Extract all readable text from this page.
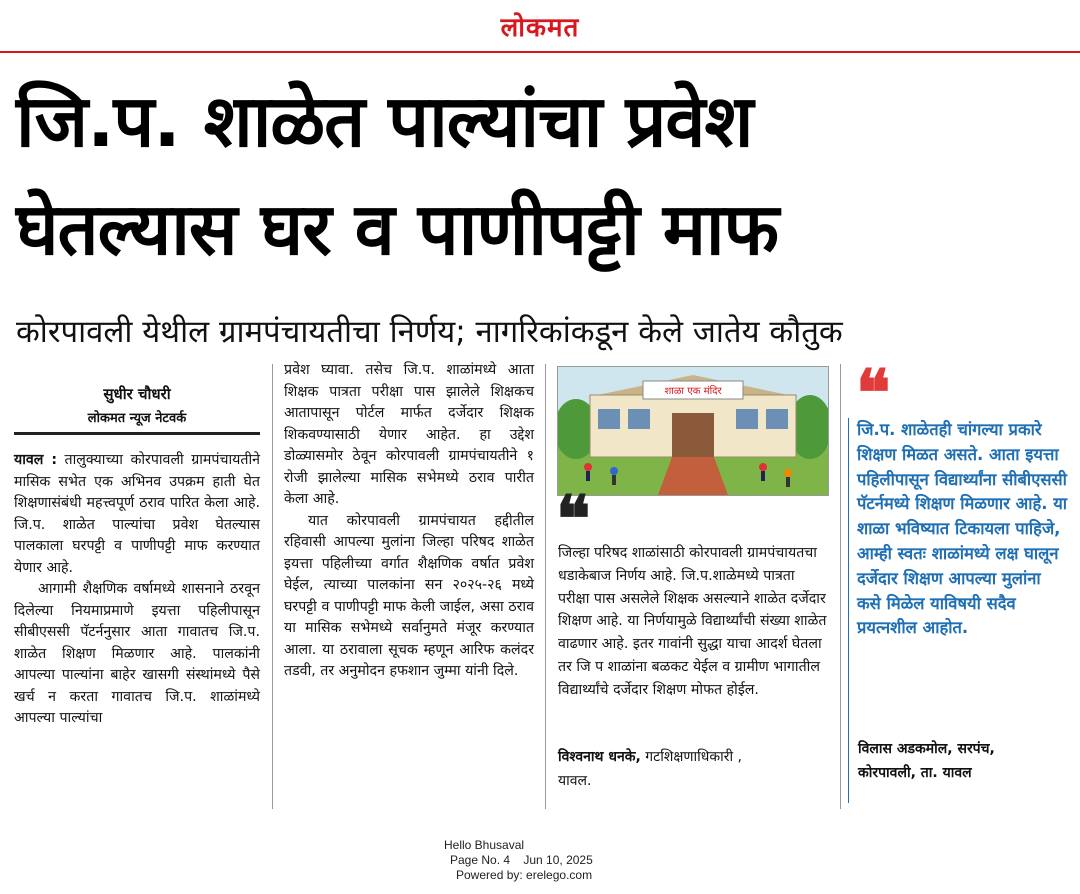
लोकमत
जि.प. शाळेत पाल्यांचा प्रवेश
घेतल्यास घर व पाणीपट्टी माफ
कोरपावली येथील ग्रामपंचायतीचा निर्णय; नागरिकांकडून केले जातेय कौतुक
सुधीर चौधरी
लोकमत न्यूज नेटवर्क

यावल : तालुक्याच्या कोरपावली ग्रामपंचायतीने मासिक सभेत एक अभिनव उपक्रम हाती घेत शिक्षणासंबंधी महत्त्वपूर्ण ठराव पारित केला आहे. जि.प. शाळेत पाल्यांचा प्रवेश घेतल्यास पालकाला घरपट्टी व पाणीपट्टी माफ करण्यात येणार आहे.

आगामी शैक्षणिक वर्षामध्ये शासनाने ठरवून दिलेल्या नियमाप्रमाणे इयत्ता पहिलीपासून सीबीएससी पॅटर्ननुसार आता गावातच जि.प. शाळेत शिक्षण मिळणार आहे. पालकांनी आपल्या पाल्यांना बाहेर खासगी संस्थांमध्ये पैसे खर्च न करता गावातच जि.प. शाळांमध्ये आपल्या पाल्यांचा

प्रवेश घ्यावा. तसेच जि.प. शाळांमध्ये आता शिक्षक पात्रता परीक्षा पास झालेले शिक्षकच आतापासून पोर्टल मार्फत दर्जेदार शिक्षक शिकवण्यासाठी येणार आहेत. हा उद्देश डोळ्यासमोर ठेवून कोरपावली ग्रामपंचायतीने १ रोजी झालेल्या मासिक सभेमध्ये ठराव पारीत केला आहे.

यात कोरपावली ग्रामपंचायत हद्दीतील रहिवासी आपल्या मुलांना जिल्हा परिषद शाळेत इयत्ता पहिलीच्या वर्गात शैक्षणिक वर्षात प्रवेश घेईल, त्याच्या पालकांना सन २०२५-२६ मध्ये घरपट्टी व पाणीपट्टी माफ केली जाईल, असा ठराव या मासिक सभेमध्ये सर्वानुमते मंजूर करण्यात आला. या ठरावाला सूचक म्हणून आरिफ कलंदर तडवी, तर अनुमोदन हफशान जुम्मा यांनी दिले.

शाळा एक मंदिर
❝

जिल्हा परिषद शाळांसाठी कोरपावली ग्रामपंचायतचा धडाकेबाज निर्णय आहे. जि.प.शाळेमध्ये पात्रता परीक्षा पास असलेले शिक्षक असल्याने शाळेत दर्जेदार शिक्षण आहे. या निर्णयामुळे विद्यार्थ्यांची संख्या शाळेत वाढणार आहे. इतर गावांनी सुद्धा याचा आदर्श घेतला तर जि प शाळांना बळकट येईल व ग्रामीण भागातील विद्यार्थ्यांचे दर्जेदार शिक्षण मोफत होईल.

विश्वनाथ धनके, गटशिक्षणाधिकारी ,
यावल.
❝

जि.प. शाळेतही चांगल्या प्रकारे शिक्षण मिळत असते. आता इयत्ता पहिलीपासून विद्यार्थ्यांना सीबीएससी पॅटर्नमध्ये शिक्षण मिळणार आहे. या शाळा भविष्यात टिकायला पाहिजे, आम्ही स्वतः शाळांमध्ये लक्ष घालून दर्जेदार शिक्षण आपल्या मुलांना कसे मिळेल याविषयी सदैव प्रयत्नशील आहोत.

विलास अडकमोल, सरपंच,
कोरपावली, ता. यावल
Hello Bhusaval
Page No. 4    Jun 10, 2025
Powered by: erelego.com
